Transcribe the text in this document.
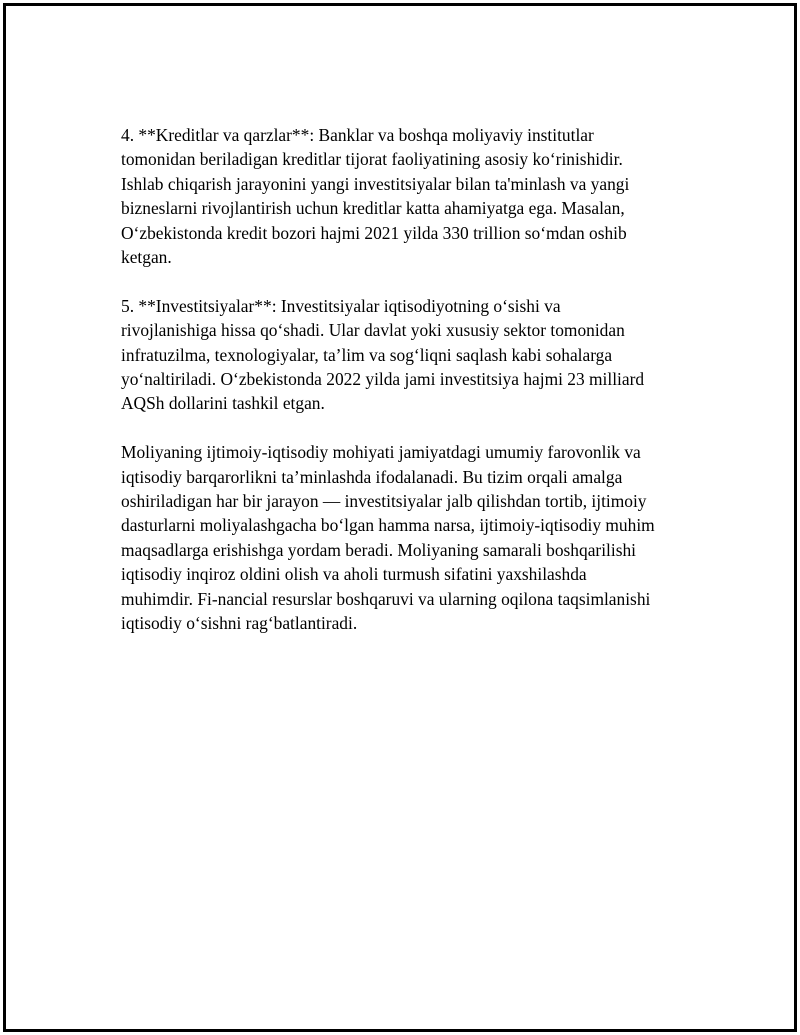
4. **Kreditlar va qarzlar**: Banklar va boshqa moliyaviy institutlar
tomonidan beriladigan kreditlar tijorat faoliyatining asosiy ko‘rinishidir.
Ishlab chiqarish jarayonini yangi investitsiyalar bilan ta'minlash va yangi
bizneslarni rivojlantirish uchun kreditlar katta ahamiyatga ega. Masalan,
O‘zbekistonda kredit bozori hajmi 2021 yilda 330 trillion so‘mdan oshib
ketgan.

5. **Investitsiyalar**: Investitsiyalar iqtisodiyotning o‘sishi va
rivojlanishiga hissa qo‘shadi. Ular davlat yoki xususiy sektor tomonidan
infratuzilma, texnologiyalar, ta’lim va sog‘liqni saqlash kabi sohalarga
yo‘naltiriladi. O‘zbekistonda 2022 yilda jami investitsiya hajmi 23 milliard
AQSh dollarini tashkil etgan.

Moliyaning ijtimoiy-iqtisodiy mohiyati jamiyatdagi umumiy farovonlik va
iqtisodiy barqarorlikni ta’minlashda ifodalanadi. Bu tizim orqali amalga
oshiriladigan har bir jarayon — investitsiyalar jalb qilishdan tortib, ijtimoiy
dasturlarni moliyalashgacha bo‘lgan hamma narsa, ijtimoiy-iqtisodiy muhim
maqsadlarga erishishga yordam beradi. Moliyaning samarali boshqarilishi
iqtisodiy inqiroz oldini olish va aholi turmush sifatini yaxshilashda
muhimdir. Fi-nancial resurslar boshqaruvi va ularning oqilona taqsimlanishi
iqtisodiy o‘sishni rag‘batlantiradi.
